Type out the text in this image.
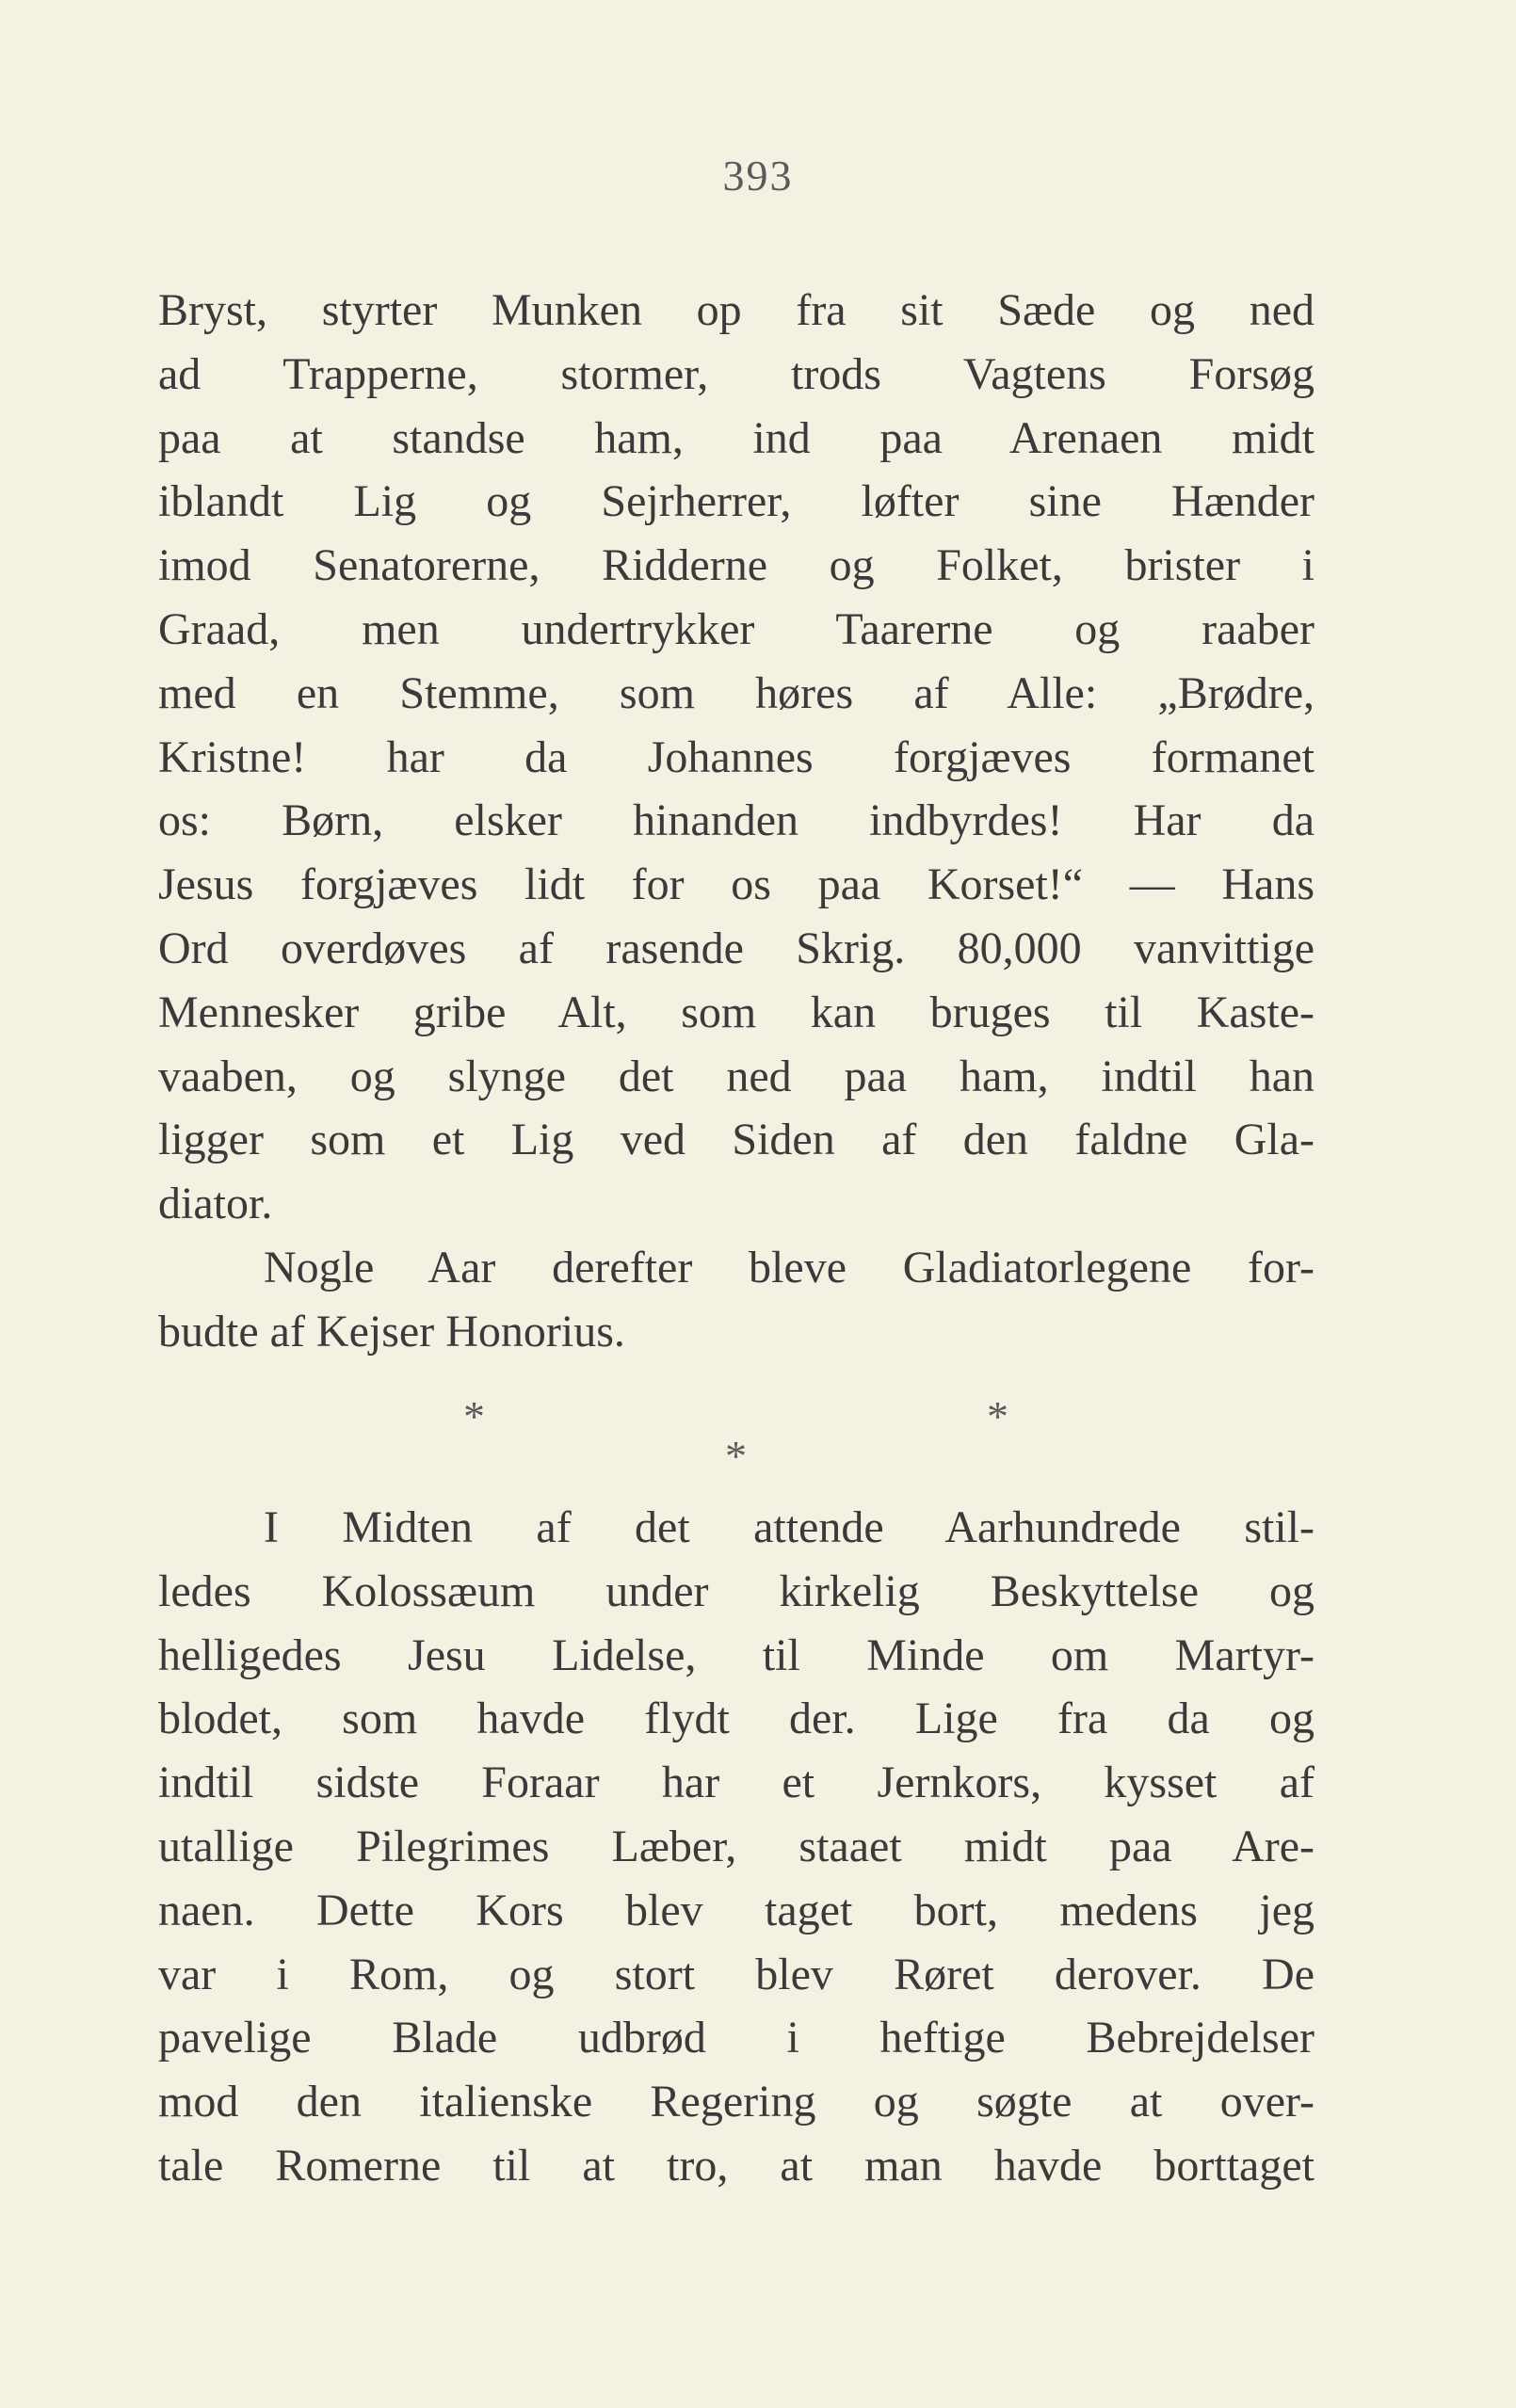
393
Bryst, styrter Munken op fra sit Sæde og ned
ad Trapperne, stormer, trods Vagtens Forsøg
paa at standse ham, ind paa Arenaen midt
iblandt Lig og Sejrherrer, løfter sine Hænder
imod Senatorerne, Ridderne og Folket, brister i
Graad, men undertrykker Taarerne og raaber
med en Stemme, som høres af Alle: „Brødre,
Kristne! har da Johannes forgjæves formanet
os: Børn, elsker hinanden indbyrdes! Har da
Jesus forgjæves lidt for os paa Korset!“ — Hans
Ord overdøves af rasende Skrig. 80,000 vanvittige
Mennesker gribe Alt, som kan bruges til Kaste-
vaaben, og slynge det ned paa ham, indtil han
ligger som et Lig ved Siden af den faldne Gla-
diator.
Nogle Aar derefter bleve Gladiatorlegene for-
budte af Kejser Honorius.
*	*
*
I Midten af det attende Aarhundrede stil-
ledes Kolossæum under kirkelig Beskyttelse og
helligedes Jesu Lidelse, til Minde om Martyr-
blodet, som havde flydt der. Lige fra da og
indtil sidste Foraar har et Jernkors, kysset af
utallige Pilegrimes Læber, staaet midt paa Are-
naen. Dette Kors blev taget bort, medens jeg
var i Rom, og stort blev Røret derover. De
pavelige Blade udbrød i heftige Bebrejdelser
mod den italienske Regering og søgte at over-
tale Romerne til at tro, at man havde borttaget
